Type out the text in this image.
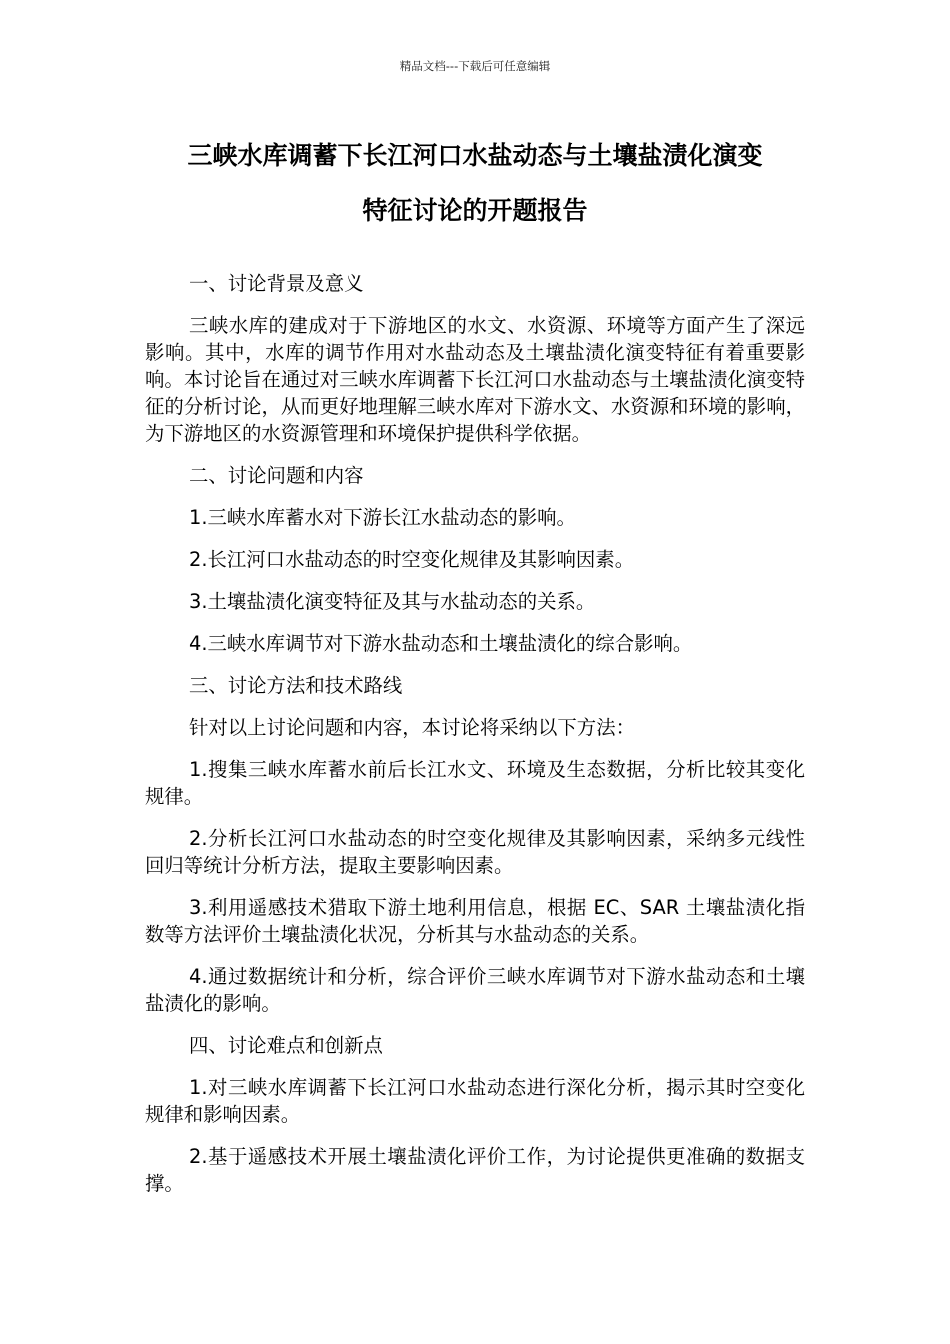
精品文档---下载后可任意编辑
三峡水库调蓄下长江河口水盐动态与土壤盐渍化演变
特征讨论的开题报告
一、讨论背景及意义
三峡水库的建成对于下游地区的水文、水资源、环境等方面产生了深远影响。其中，水库的调节作用对水盐动态及土壤盐渍化演变特征有着重要影响。本讨论旨在通过对三峡水库调蓄下长江河口水盐动态与土壤盐渍化演变特征的分析讨论，从而更好地理解三峡水库对下游水文、水资源和环境的影响，为下游地区的水资源管理和环境保护提供科学依据。
二、讨论问题和内容
1.三峡水库蓄水对下游长江水盐动态的影响。
2.长江河口水盐动态的时空变化规律及其影响因素。
3.土壤盐渍化演变特征及其与水盐动态的关系。
4.三峡水库调节对下游水盐动态和土壤盐渍化的综合影响。
三、讨论方法和技术路线
针对以上讨论问题和内容，本讨论将采纳以下方法：
1.搜集三峡水库蓄水前后长江水文、环境及生态数据，分析比较其变化规律。
2.分析长江河口水盐动态的时空变化规律及其影响因素，采纳多元线性回归等统计分析方法，提取主要影响因素。
3.利用遥感技术猎取下游土地利用信息，根据 EC、SAR 土壤盐渍化指数等方法评价土壤盐渍化状况，分析其与水盐动态的关系。
4.通过数据统计和分析，综合评价三峡水库调节对下游水盐动态和土壤盐渍化的影响。
四、讨论难点和创新点
1.对三峡水库调蓄下长江河口水盐动态进行深化分析，揭示其时空变化规律和影响因素。
2.基于遥感技术开展土壤盐渍化评价工作，为讨论提供更准确的数据支撑。
